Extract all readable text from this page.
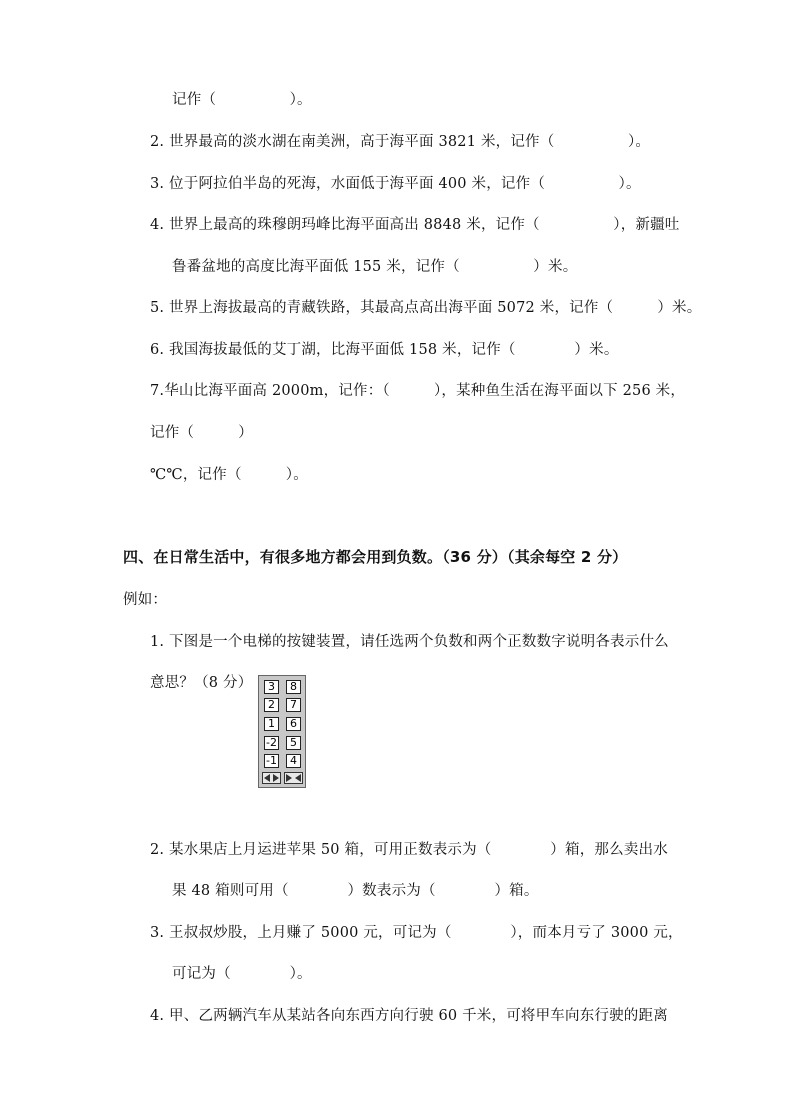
记作（　　　　　）。
2. 世界最高的淡水湖在南美洲，高于海平面 3821 米，记作（　　　　　）。
3. 位于阿拉伯半岛的死海，水面低于海平面 400 米，记作（　　　　　）。
4. 世界上最高的珠穆朗玛峰比海平面高出 8848 米，记作（　　　　　），新疆吐
鲁番盆地的高度比海平面低 155 米，记作（　　　　　）米。
5. 世界上海拔最高的青藏铁路，其最高点高出海平面 5072 米，记作（　　　）米。
6. 我国海拔最低的艾丁湖，比海平面低 158 米，记作（　　　　）米。
7.华山比海平面高 2000m，记作：（　　　），某种鱼生活在海平面以下 256 米，
记作（　　　）
℃℃，记作（　　　）。
四、在日常生活中，有很多地方都会用到负数。（36 分）（其余每空 2 分）
例如：
1. 下图是一个电梯的按键装置，请任选两个负数和两个正数数字说明各表示什么
意思？（8 分）	3	8
2	7
1	6
-2	5
-1	4
2. 某水果店上月运进苹果 50 箱，可用正数表示为（　　　　）箱，那么卖出水
果 48 箱则可用（　　　　）数表示为（　　　　）箱。
3. 王叔叔炒股，上月赚了 5000 元，可记为（　　　　），而本月亏了 3000 元，
可记为（　　　　）。
4. 甲、乙两辆汽车从某站各向东西方向行驶 60 千米，可将甲车向东行驶的距离
